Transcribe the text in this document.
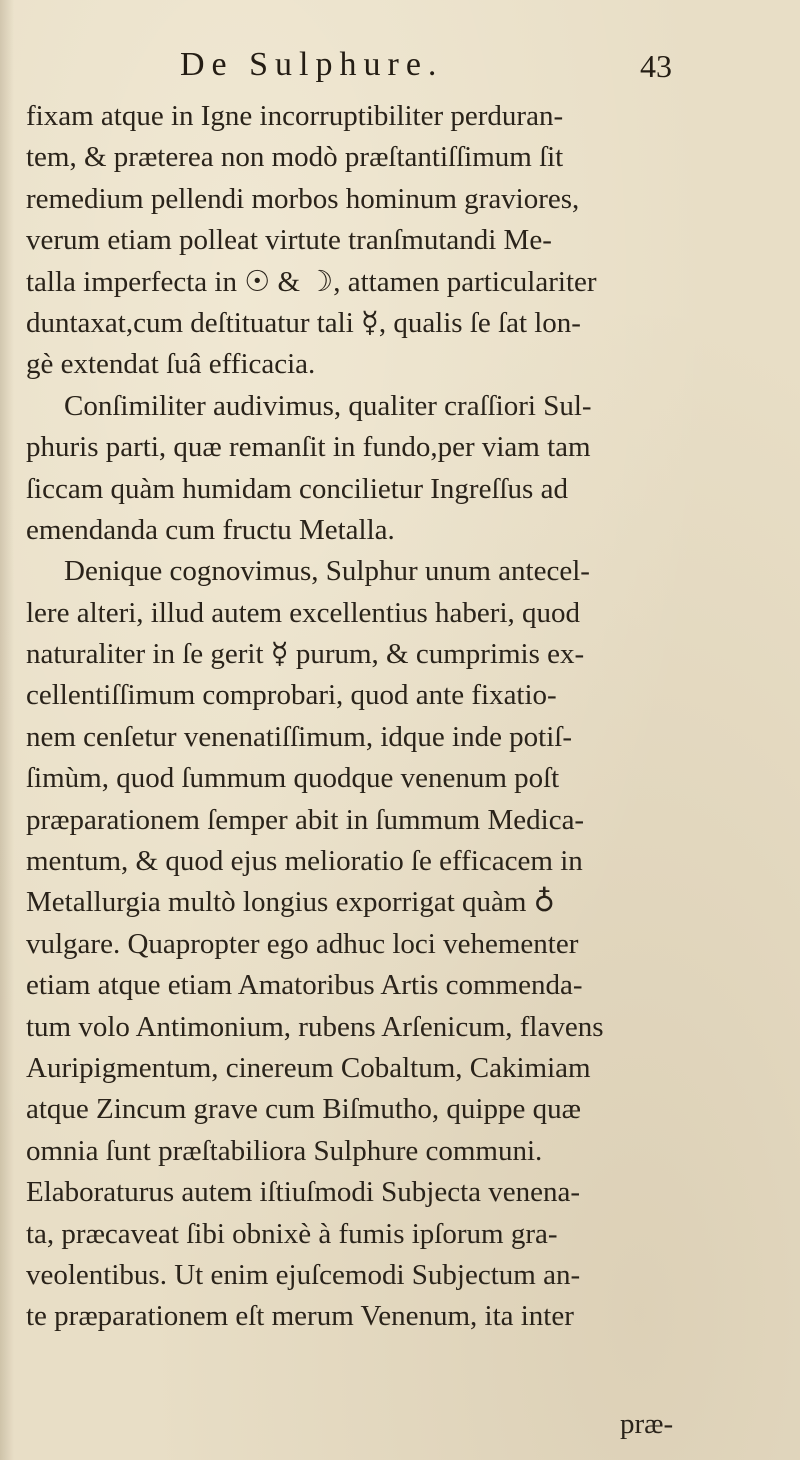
De Sulphure.	43
fixam atque in Igne incorruptibiliter perduran-
tem, & præterea non modò præſtantiſſimum ſit
remedium pellendi morbos hominum graviores,
verum etiam polleat virtute tranſmutandi Me-
talla imperfecta in ☉ & ☽, attamen particulariter
duntaxat,cum deſtituatur tali ☿, qualis ſe ſat lon-
gè extendat ſuâ efficacia.
Conſimiliter audivimus, qualiter craſſiori Sul-
phuris parti, quæ remanſit in fundo,per viam tam
ſiccam quàm humidam concilietur Ingreſſus ad
emendanda cum fructu Metalla.
Denique cognovimus, Sulphur unum antecel-
lere alteri, illud autem excellentius haberi, quod
naturaliter in ſe gerit ☿ purum, & cumprimis ex-
cellentiſſimum comprobari, quod ante fixatio-
nem cenſetur venenatiſſimum, idque inde potiſ-
ſimùm, quod ſummum quodque venenum poſt
præparationem ſemper abit in ſummum Medica-
mentum, & quod ejus melioratio ſe efficacem in
Metallurgia multò longius exporrigat quàm ♁
vulgare. Quapropter ego adhuc loci vehementer
etiam atque etiam Amatoribus Artis commenda-
tum volo Antimonium, rubens Arſenicum, flavens
Auripigmentum, cinereum Cobaltum, Cakimiam
atque Zincum grave cum Biſmutho, quippe quæ
omnia ſunt præſtabiliora Sulphure communi.
Elaboraturus autem iſtiuſmodi Subjecta venena-
ta, præcaveat ſibi obnixè à fumis ipſorum gra-
veolentibus. Ut enim ejuſcemodi Subjectum an-
te præparationem eſt merum Venenum, ita inter
præ-
